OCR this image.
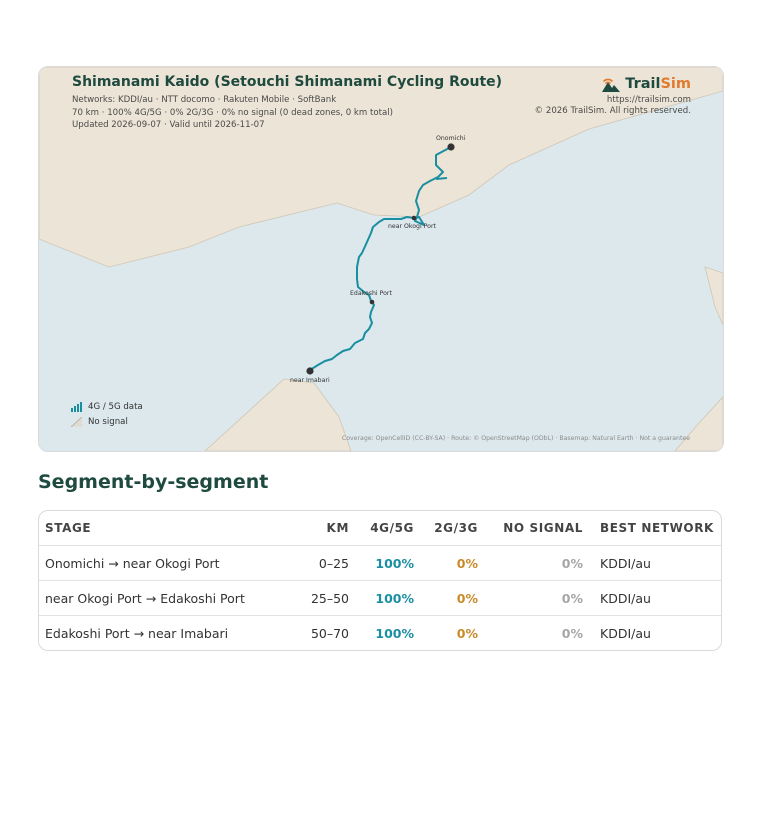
Onomichi
near Okogi Port
Edakoshi Port
near Imabari
Shimanami Kaido (Setouchi Shimanami Cycling Route)
Networks: KDDI/au · NTT docomo · Rakuten Mobile · SoftBank
70 km · 100% 4G/5G · 0% 2G/3G · 0% no signal (0 dead zones, 0 km total)
Updated 2026-09-07 · Valid until 2026-11-07
TrailSim
https://trailsim.com
© 2026 TrailSim. All rights reserved.
4G / 5G data
No signal
Coverage: OpenCellID (CC-BY-SA) · Route: © OpenStreetMap (ODbL) · Basemap: Natural Earth · Not a guarantee
Segment-by-segment
STAGE	KM	4G/5G	2G/3G	NO SIGNAL	BEST NETWORK
Onomichi → near Okogi Port	0–25	100%	0%	0%	KDDI/au
near Okogi Port → Edakoshi Port	25–50	100%	0%	0%	KDDI/au
Edakoshi Port → near Imabari	50–70	100%	0%	0%	KDDI/au
